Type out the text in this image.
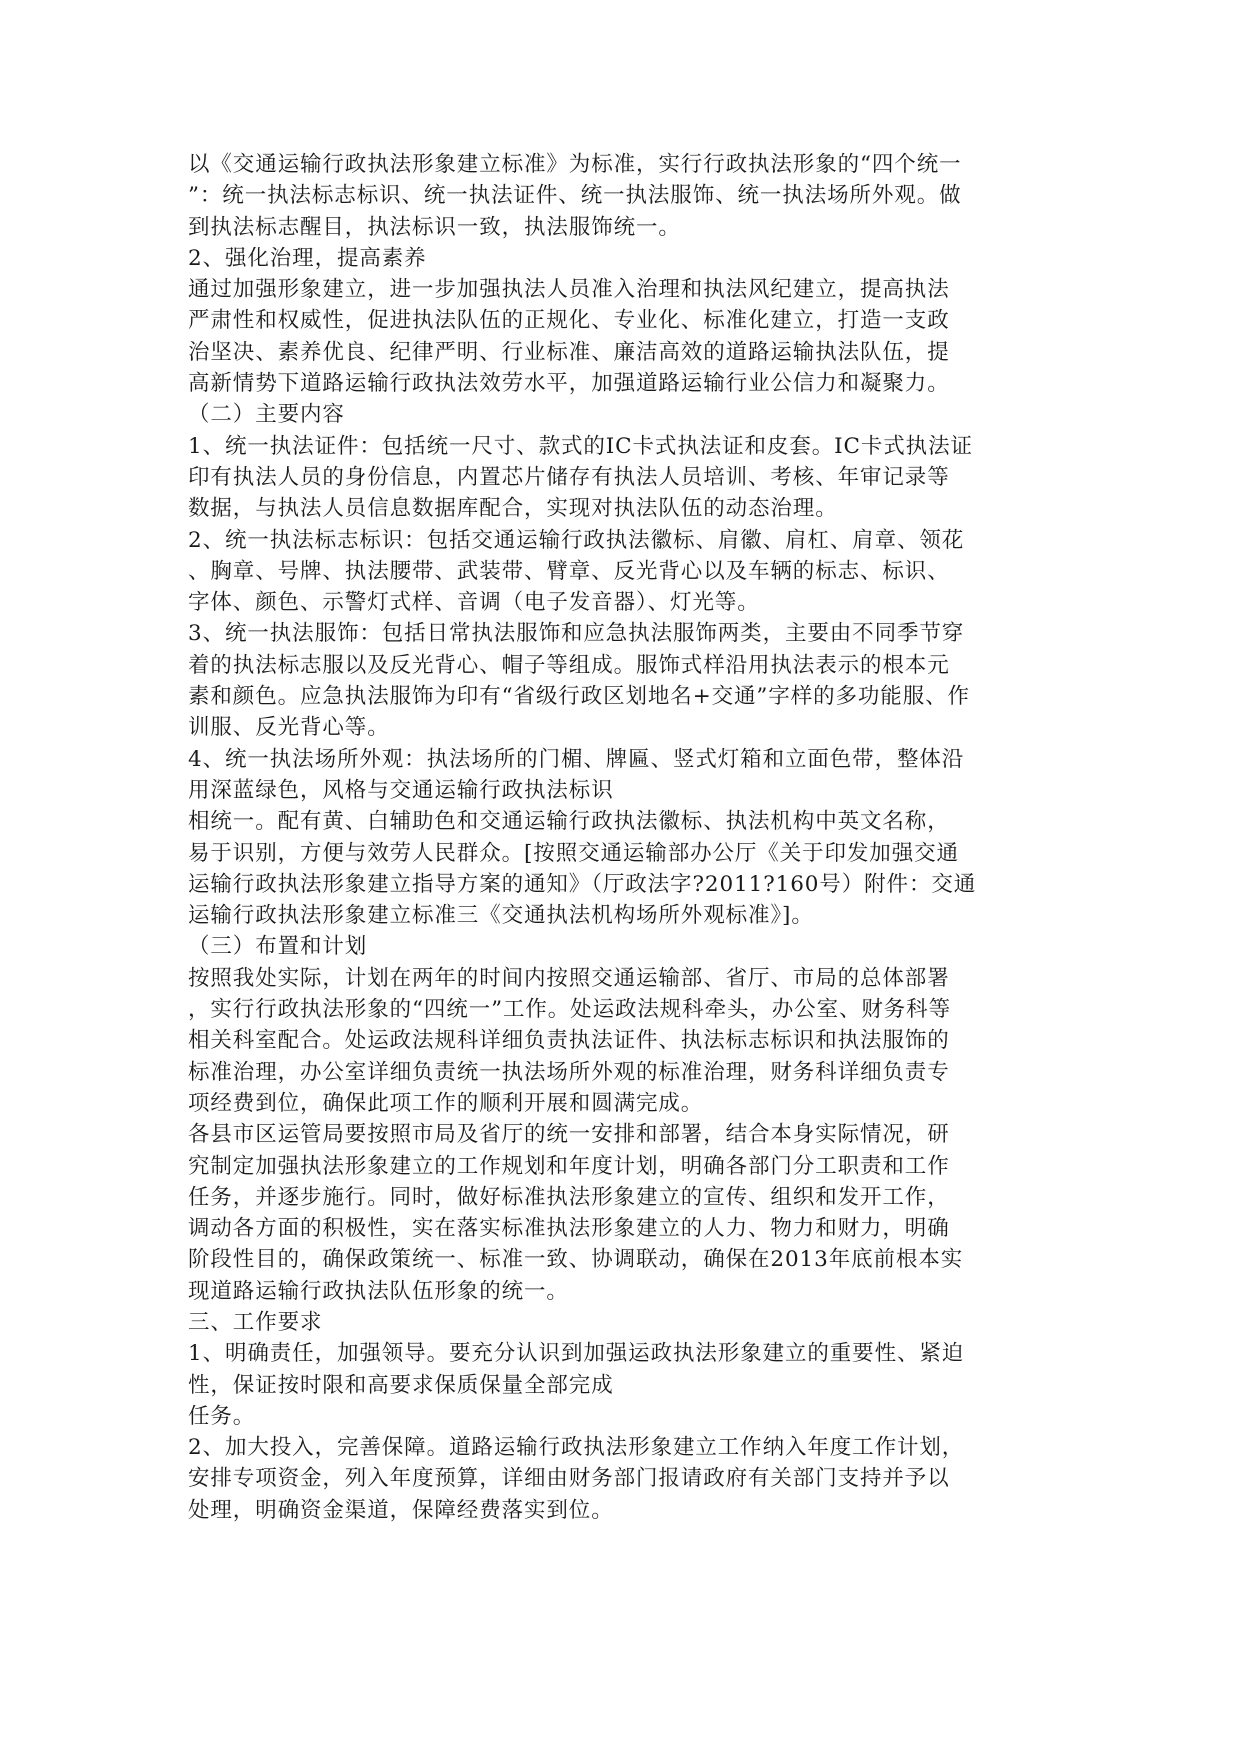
以《交通运输行政执法形象建立标准》为标准，实行行政执法形象的“四个统一
”：统一执法标志标识、统一执法证件、统一执法服饰、统一执法场所外观。做
到执法标志醒目，执法标识一致，执法服饰统一。
2、强化治理，提高素养
通过加强形象建立，进一步加强执法人员准入治理和执法风纪建立，提高执法
严肃性和权威性，促进执法队伍的正规化、专业化、标准化建立，打造一支政
治坚决、素养优良、纪律严明、行业标准、廉洁高效的道路运输执法队伍，提
高新情势下道路运输行政执法效劳水平，加强道路运输行业公信力和凝聚力。
（二）主要内容
1、统一执法证件：包括统一尺寸、款式的IC卡式执法证和皮套。IC卡式执法证
印有执法人员的身份信息，内置芯片储存有执法人员培训、考核、年审记录等
数据，与执法人员信息数据库配合，实现对执法队伍的动态治理。
2、统一执法标志标识：包括交通运输行政执法徽标、肩徽、肩杠、肩章、领花
、胸章、号牌、执法腰带、武装带、臂章、反光背心以及车辆的标志、标识、
字体、颜色、示警灯式样、音调（电子发音器）、灯光等。
3、统一执法服饰：包括日常执法服饰和应急执法服饰两类，主要由不同季节穿
着的执法标志服以及反光背心、帽子等组成。服饰式样沿用执法表示的根本元
素和颜色。应急执法服饰为印有“省级行政区划地名+交通”字样的多功能服、作
训服、反光背心等。
4、统一执法场所外观：执法场所的门楣、牌匾、竖式灯箱和立面色带，整体沿
用深蓝绿色，风格与交通运输行政执法标识
相统一。配有黄、白辅助色和交通运输行政执法徽标、执法机构中英文名称，
易于识别，方便与效劳人民群众。[按照交通运输部办公厅《关于印发加强交通
运输行政执法形象建立指导方案的通知》（厅政法字?2011?160号）附件：交通
运输行政执法形象建立标准三《交通执法机构场所外观标准》]。
（三）布置和计划
按照我处实际，计划在两年的时间内按照交通运输部、省厅、市局的总体部署
，实行行政执法形象的“四统一”工作。处运政法规科牵头，办公室、财务科等
相关科室配合。处运政法规科详细负责执法证件、执法标志标识和执法服饰的
标准治理，办公室详细负责统一执法场所外观的标准治理，财务科详细负责专
项经费到位，确保此项工作的顺利开展和圆满完成。
各县市区运管局要按照市局及省厅的统一安排和部署，结合本身实际情况，研
究制定加强执法形象建立的工作规划和年度计划，明确各部门分工职责和工作
任务，并逐步施行。同时，做好标准执法形象建立的宣传、组织和发开工作，
调动各方面的积极性，实在落实标准执法形象建立的人力、物力和财力，明确
阶段性目的，确保政策统一、标准一致、协调联动，确保在2013年底前根本实
现道路运输行政执法队伍形象的统一。
三、工作要求
1、明确责任，加强领导。要充分认识到加强运政执法形象建立的重要性、紧迫
性，保证按时限和高要求保质保量全部完成
任务。
2、加大投入，完善保障。道路运输行政执法形象建立工作纳入年度工作计划，
安排专项资金，列入年度预算，详细由财务部门报请政府有关部门支持并予以
处理，明确资金渠道，保障经费落实到位。
